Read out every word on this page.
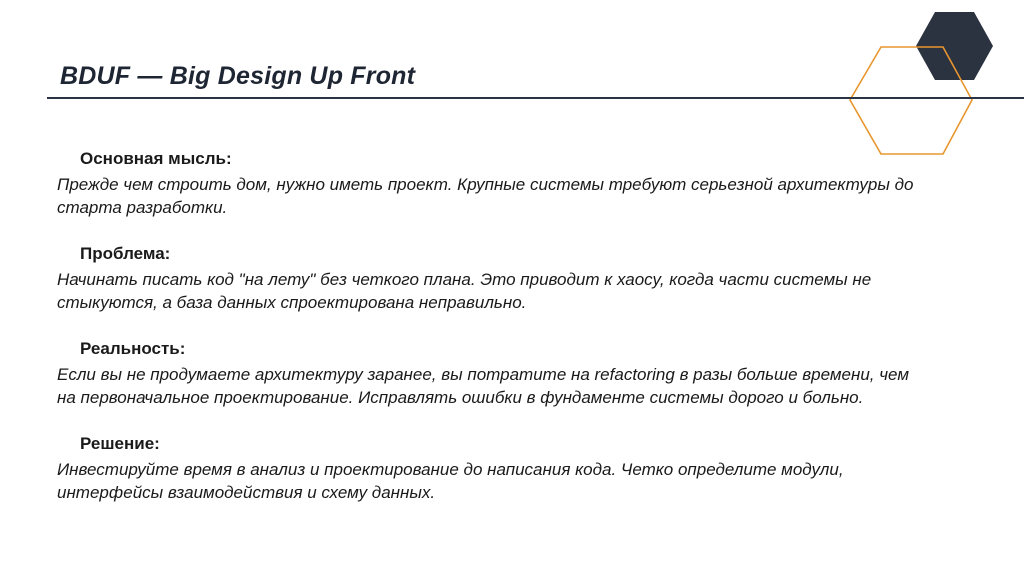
BDUF — Big Design Up Front
Основная мысль:
Прежде чем строить дом, нужно иметь проект. Крупные системы требуют серьезной архитектуры до старта разработки.
Проблема:
Начинать писать код "на лету" без четкого плана. Это приводит к хаосу, когда части системы не стыкуются, а база данных спроектирована неправильно.
Реальность:
Если вы не продумаете архитектуру заранее, вы потратите на refactoring в разы больше времени, чем на первоначальное проектирование. Исправлять ошибки в фундаменте системы дорого и больно.
Решение:
Инвестируйте время в анализ и проектирование до написания кода. Четко определите модули, интерфейсы взаимодействия и схему данных.
